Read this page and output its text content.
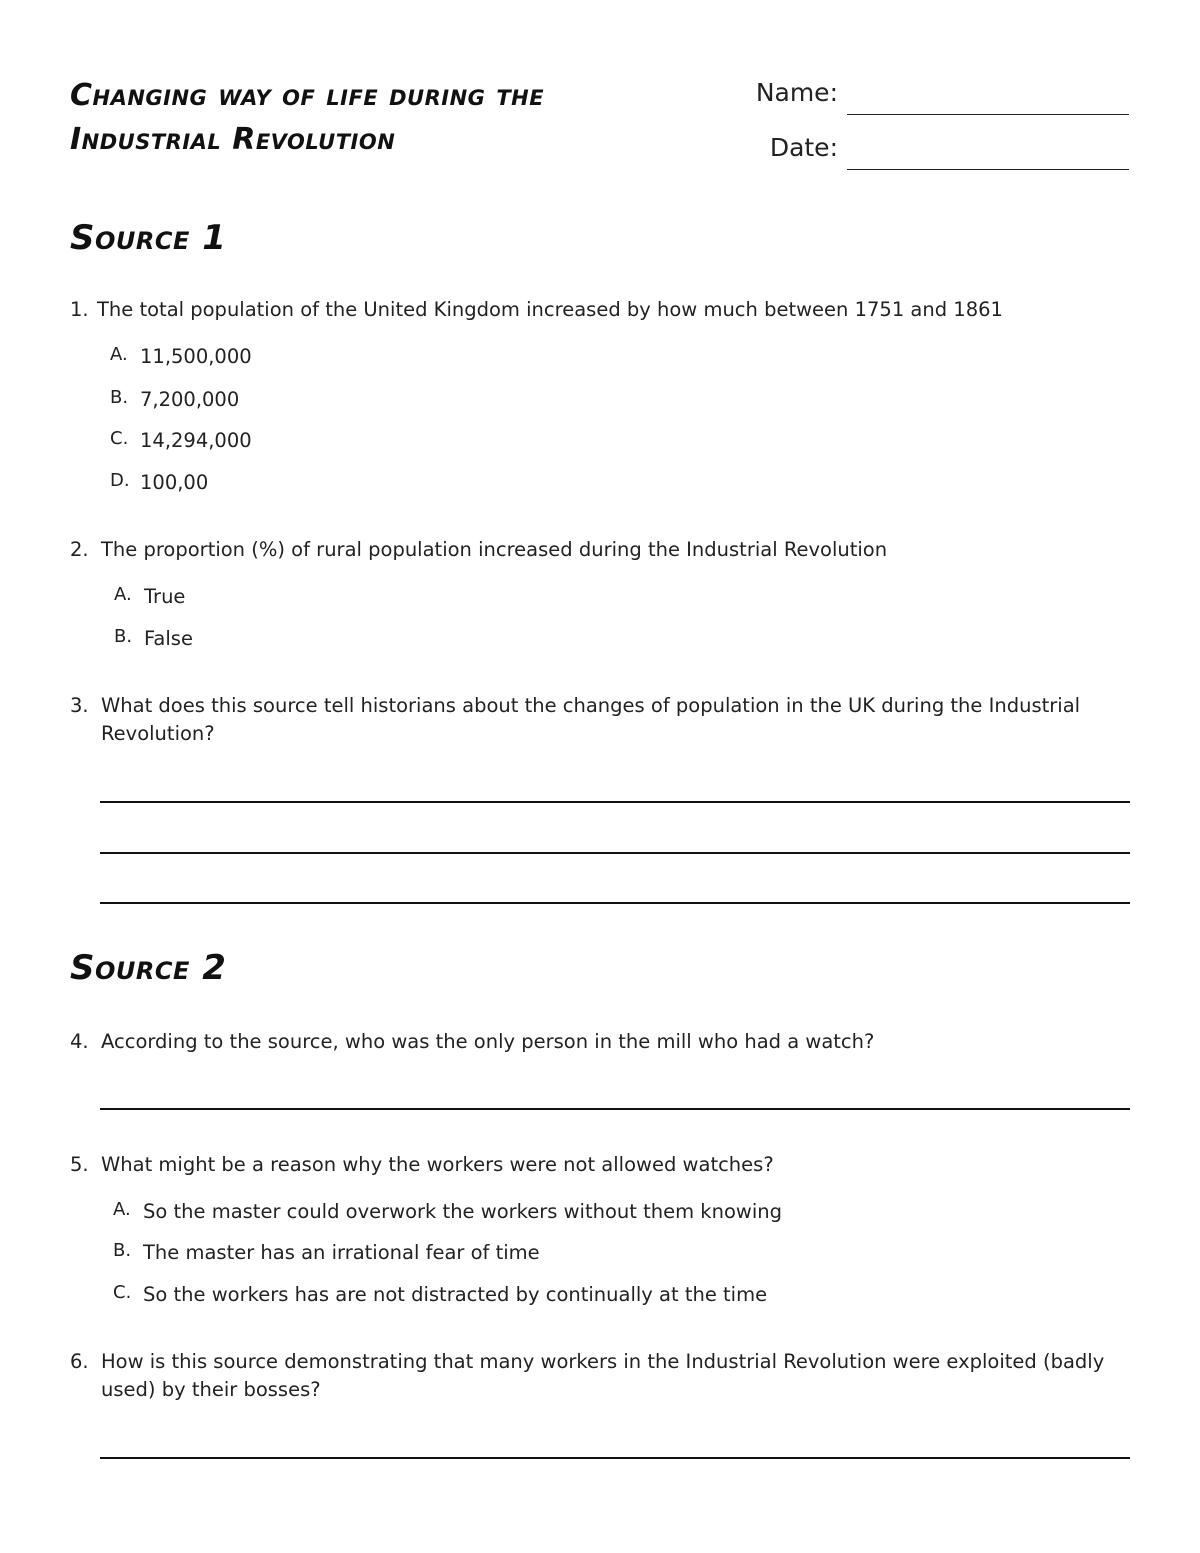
Changing way of life during the
Industrial Revolution
Name:
Date:
Source 1
1. The total population of the United Kingdom increased by how much between 1751 and 1861
A. 11,500,000
B. 7,200,000
C. 14,294,000
D. 100,00
2. The proportion (%) of rural population increased during the Industrial Revolution
A. True
B. False
3. What does this source tell historians about the changes of population in the UK during the Industrial
Revolution?
Source 2
4. According to the source, who was the only person in the mill who had a watch?
5. What might be a reason why the workers were not allowed watches?
A. So the master could overwork the workers without them knowing
B. The master has an irrational fear of time
C. So the workers has are not distracted by continually at the time
6. How is this source demonstrating that many workers in the Industrial Revolution were exploited (badly
used) by their bosses?
